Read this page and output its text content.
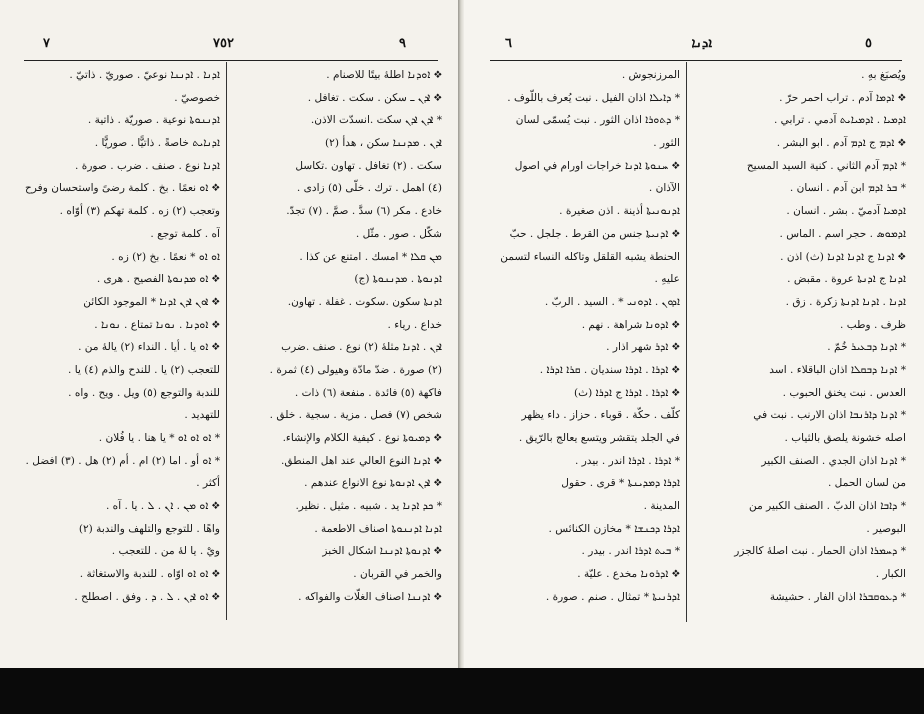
٩
٧٥٢
٧
❖ ܐܘܕܢܐ اطلهٔ بیتًا للاصنام .
❖ ܐܕܢ ـ سكن . سكت . تغافل .
* ܐܕܢ ܐܕܢ سكت .انسدّت الاذن.
ܐܕܢ . ܡܕܢܢܐ سكن ، هدأ (٢)
سكت . (٢) تغافل . تهاون .تكاسل
(٤) اهمل . ترك . خلّی (٥) زادی .
خادع . مکر (٦) سدَّ . صمَّ . (٧) تجدّ.
شكّل . صور . مثّل .
ܡܢ ܩܠܐ * امسك . امتنع عن كذا .
ܐܕܢܘܬܐ . ܡܕܢܢܘܬܐ (ج)
ܐܕܢܬܐ سكون .سكوت . غفلة . تهاون.
خداع . رياء .
ܐܕܢ . ܐܕܢܐ مثلهٔ (٢) نوع . صنف .ضرب
(٢) صورة . ضدّ مادّة وهيولی (٤) ثمرة .
فاكهة (٥) فائدة . منفعة (٦) ذات .
شخص (٧) فصل . مزية . سجية . خلق .
❖ ܕܡܝܘܬܐ نوع . كيفية الكلام والإنشاء.
❖ ܐܕܢܐ النوع العالي عند اهل المنطق.
❖ ܐܕܢ ܐܕܢܘܬܐ نوع الانواع عندهم .
* ܟܕ ܐܕܢܐ يد . شبيه . مثيل . نظير.
ܐܕܢܐ ܐܕܢܢܘܬܐ اصناف الاطعمة .
❖ ܐܕܢܘܬܐ ܐܕܢܢܐ اشكال الخبز
والخمر في القربان .
❖ ܐܕܢܢܐ اصناف الغلّات والفواكه .
ܐܕܢܐ . ܐܕܢܢܐ نوعيّ . صوريّ . ذاتيّ .
خصوصيّ .
ܐܕܢܢܘܬܐ نوعية . صوريّة . ذاتية .
ܐܕܢܐܝܬ خاصةً . ذاتيًّا . صوريًّا .
ܐܕܢܐ نوع . صنف . ضرب . صورة .
❖ ܐܘ نعمًا . بخ . كلمة رضیً واستحسان وفرح
وتعجب (٢) زه . كلمة تهكم (٣) أوّاه .
آه . كلمة توجع .
ܐܘ ܐܘ * نعمًا . بخ (٢) زه .
❖ ܐܘ ܡܕܢܘܬܐ الفصيح . هرى .
❖ ܐܘܢ ܐܕܢ ܐܕܢܐ * الموجود الكائن
❖ ܐܘܕܢܐ . ܢܘܢܐ تمتاع . ܢܘܢܐ .
❖ ܐܘ يا . أيا . النداء (٢) يالهٔ من .
للتعجب (٢) يا . للندح والذم (٤) يا .
للندبة والتوجع (٥) ويل . ويح . واه .
للتهديد .
* ܐܘ ܐܘ ܐܘ * يا هنا . يا فُلان .
* ܐܘ أو . اما (٢) ام . أم (٢) هل . (٣) افضل .
أكثر .
❖ ܐܘ ܡܢ . ܐܢ . ܠ . يا . آه .
واهًا . للتوجع والتلهف والندبة (٢)
ويْ . يا لهٔ من . للتعجب .
❖ ܐܘ ܐܘ اوّاه . للندبة والاستغاثة .
❖ ܐܘ ܐܕܢ . ܠ . ܕ . وفق . اصطلح .
٦	ܐܕܢܐ	٥
ويُصبَغ بهِ .
❖ ܐܕܡܐ آدم . تراب احمر حرّ .
ܐܕܡܝܐ . ܐܕܡܝܐܝܬ آدمي . ترابي .
❖ ܐܕܡ ج ܐܕܡ آدم . ابو البشر .
* ܐܕܡ آدم الثاني . كنية السيد المسيح
* ܒܪ ܐܕܡ ابن آدم . انسان .
ܐܕܡܝܐ آدميّ . بشر . انسان .
ܐܕܡܘܣ . حجر اسم . الماس .
❖ ܐܕܢܐ ج ܐܕܢܐ ܐܕܢܐ (ث) اذن .
ܐܕܢܐ ج ܐܕܢܬܐ عروة . مقبض .
ܐܕܢܐ . ܐܕܢܐ ܐܕܢܬܐ زكرة . زق .
ظرف . وطب .
* ܐܕܢܐ ܕܒܥܝܪ خُمّ .
* ܐܕܢܐ ܕܒܩܠܐ اذان الباقلاء . اسد
العدس . نبت يخنق الحبوب .
* ܐܕܢܐ ܕܐܪܢܒܐ اذان الارنب . نبت في
اصله خشونة يلصق بالثياب .
* ܐܕܢܐ اذان الجدي . الصنف الكبير
من لسان الحمل .
* ܕܐܒܐ اذان الدبّ . الصنف الكبير من
البوصير .
* ܕܚܡܪܐ اذان الحمار . نبت اصلهٔ كالجزر
الكبار .
* ܕܥܘܩܒܪܐ اذان الفار . حشيشة
المرزنجوش .
* ܕܐܝܠܐ اذان الفيل . نبت يُعرف باللّوف .
* ܕܬܘܪܐ اذان الثور . نبت يُسمّى لسان
الثور .
❖ ܚܢܘܬܐ ܐܕܢܐ خراجات اورام في اصول
الآذان .
ܐܕܢܘܢܝܬܐ أذينة . اذن صغيرة .
❖ ܐܕܢܝܬܐ جنس من القرط . جلجل . حبّ
الحنطة يشبه القلقل وتاكله النساء لتسمن
عليهِ .
ܐܕܘܢ . ܐܕܘܢܝ * . السيد . الربّ .
❖ ܐܕܘܢܐ شراهة . نهم .
❖ ܐܕܪ شهر اذار .
❖ ܐܕܪܐ . ܐܕܪܐ سنديان . ܩܪܐ ܐܕܪܐ .
❖ ܐܕܪܐ . ܐܕܪܐ ج ܐܕܪܐ (ث)
كلّف . حكّة . قوباء . حزاز . داء يظهر
في الجلد يتقشر ويتسع يعالج بالرّيق .
* ܐܕܪܐ . ܐܕܪܐ اندر . بيدر .
ܐܕܪܐ ܕܡܕܝܢܬܐ * قرى . حقول
المدينة .
ܐܕܪܐ ܕܟܢܫܐ * مخازن الكنائس .
* ܒܝܬ ܐܕܪܐ اندر . بيدر .
❖ ܐܕܪܘܢܐ مخدع . عليّة .
ܐܕܪܢܝܬܐ * تمثال . صنم . صورة .
